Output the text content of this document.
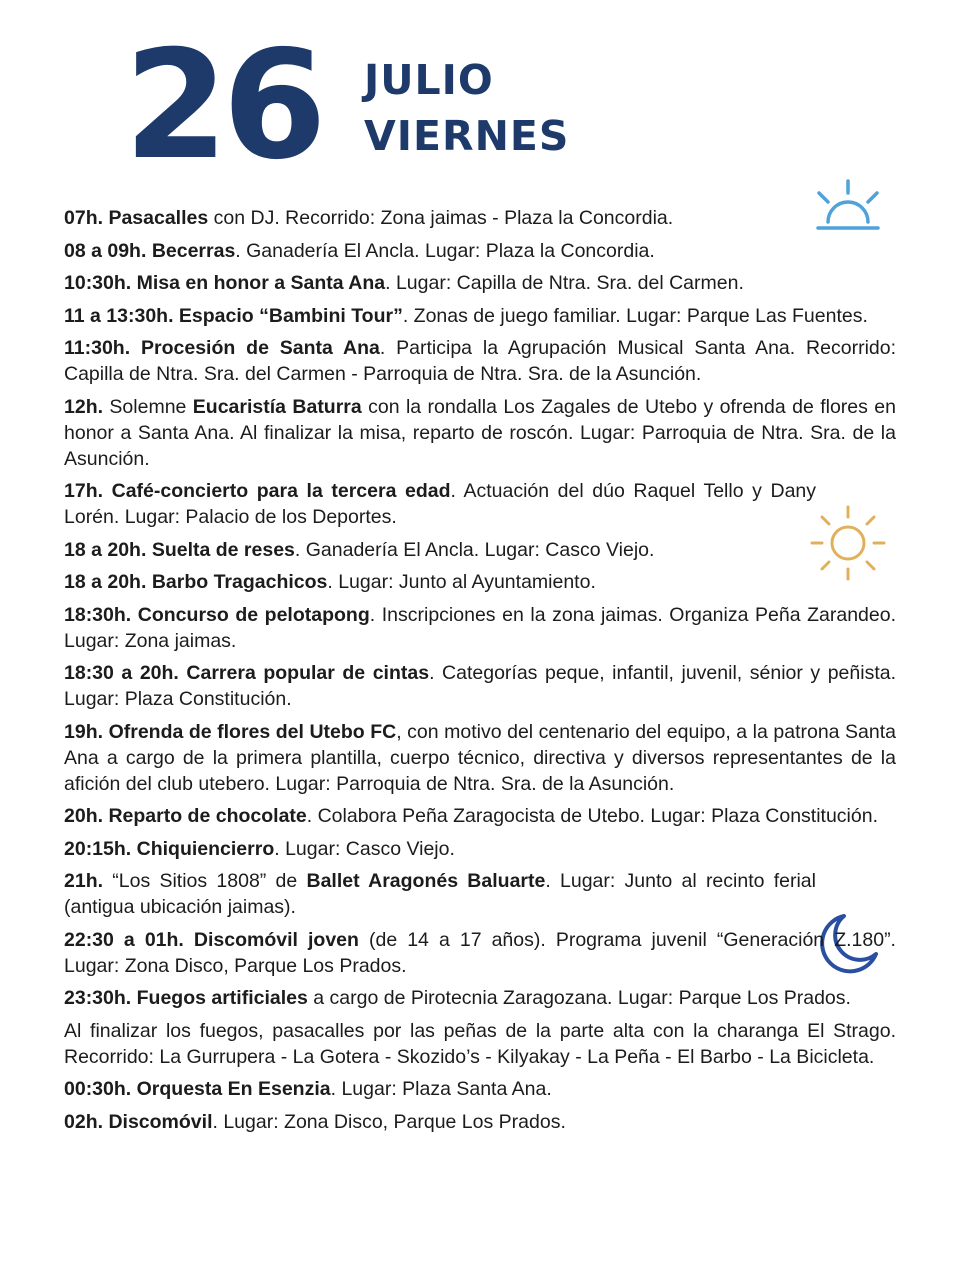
26 JULIO
VIERNES

07h. Pasacalles con DJ. Recorrido: Zona jaimas - Plaza la Concordia.

08 a 09h. Becerras. Ganadería El Ancla. Lugar: Plaza la Concordia.

10:30h. Misa en honor a Santa Ana. Lugar: Capilla de Ntra. Sra. del Carmen.

11 a 13:30h. Espacio “Bambini Tour”. Zonas de juego familiar. Lugar: Parque Las Fuentes.

11:30h. Procesión de Santa Ana. Participa la Agrupación Musical Santa Ana. Recorrido: Capilla de Ntra. Sra. del Carmen - Parroquia de Ntra. Sra. de la Asunción.

12h. Solemne Eucaristía Baturra con la rondalla Los Zagales de Utebo y ofrenda de flores en honor a Santa Ana. Al finalizar la misa, reparto de roscón. Lugar: Parroquia de Ntra. Sra. de la Asunción.

17h. Café-concierto para la tercera edad. Actuación del dúo Raquel Tello y Dany Lorén. Lugar: Palacio de los Deportes.

18 a 20h. Suelta de reses. Ganadería El Ancla. Lugar: Casco Viejo.

18 a 20h. Barbo Tragachicos. Lugar: Junto al Ayuntamiento.

18:30h. Concurso de pelotapong. Inscripciones en la zona jaimas. Organiza Peña Zarandeo. Lugar: Zona jaimas.

18:30 a 20h. Carrera popular de cintas. Categorías peque, infantil, juvenil, sénior y peñista. Lugar: Plaza Constitución.

19h. Ofrenda de flores del Utebo FC, con motivo del centenario del equipo, a la patrona Santa Ana a cargo de la primera plantilla, cuerpo técnico, directiva y diversos representantes de la afición del club utebero. Lugar: Parroquia de Ntra. Sra. de la Asunción.

20h. Reparto de chocolate. Colabora Peña Zaragocista de Utebo. Lugar: Plaza Constitución.

20:15h. Chiquiencierro. Lugar: Casco Viejo.

21h. “Los Sitios 1808” de Ballet Aragonés Baluarte. Lugar: Junto al recinto ferial (antigua ubicación jaimas).

22:30 a 01h. Discomóvil joven (de 14 a 17 años). Programa juvenil “Generación Z.180”. Lugar: Zona Disco, Parque Los Prados.

23:30h. Fuegos artificiales a cargo de Pirotecnia Zaragozana. Lugar: Parque Los Prados.

Al finalizar los fuegos, pasacalles por las peñas de la parte alta con la charanga El Strago. Recorrido: La Gurrupera - La Gotera - Skozido’s - Kilyakay - La Peña - El Barbo - La Bicicleta.

00:30h. Orquesta En Esenzia. Lugar: Plaza Santa Ana.

02h. Discomóvil. Lugar: Zona Disco, Parque Los Prados.
